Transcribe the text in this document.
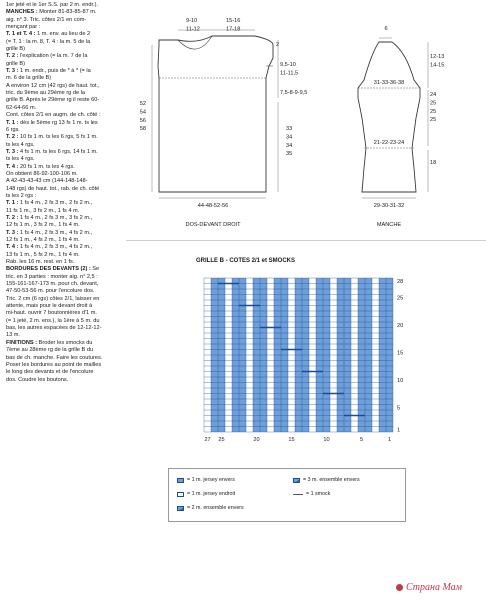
1er jeté et le 1er S.S. par 2 m. endr.).

MANCHES : Monter 81-83-85-87 m.

aig. n° 3. Tric. côtes 2/1 en com-

mençant par :

T. 1 et T. 4 : 1 m. env. au lieu de 2

(= T. 1 : la m. 8, T. 4 : la m. 5 de la

grille B)

T. 2 : l'explication (= la m. 7 de la

grille B)

T. 3 : 1 m. endr., puis de * à * (= la

m. 6 de la grille B)

A environ 12 cm (42 rgs) de haut. tot.,

tric. du 9ème au 29ème rg de la

grille B. Après le 29ème rg il reste 60-

62-64-66 m.

Cont. côtes 2/1 en augm. de ch. côté :

T. 1 : dès le 5ème rg 13 fs 1 m. ts les

6 rgs.

T. 2 : 10 fs 1 m. ts les 6 rgs, 5 fs 1 m.

ts les 4 rgs.

T. 3 : 4 fs 1 m. ts les 6 rgs, 14 fs 1 m.

ts les 4 rgs.

T. 4 : 20 fs 1 m. ts les 4 rgs.

On obtient 86-92-100-106 m.

A 42-43-43-43 cm (144-148-148-

148 rgs) de haut. tot., rab. de ch. côté

ts les 2 rgs :

T. 1 : 1 fs 4 m., 2 fs 3 m., 2 fs 2 m.,

11 fs 1 m., 3 fs 2 m., 1 fs 4 m.

T. 2 : 1 fs 4 m., 2 fs 3 m., 3 fs 2 m.,

12 fs 1 m., 3 fs 2 m., 1 fs 4 m.

T. 3 : 1 fs 4 m., 2 fs 3 m., 4 fs 2 m.,

12 fs 1 m., 4 fs 2 m., 1 fs 4 m.

T. 4 : 1 fs 4 m., 2 fs 3 m., 4 fs 2 m.,

13 fs 1 m., 5 fs 2 m., 1 fs 4 m.

Rab. les 16 m. rest. en 1 fs.

BORDURES DES DEVANTS (2) : Se

tric. en 3 parties : monter aig. n° 2,5 :

155-161-167-173 m. pour ch. devant,

47-50-53-56 m. pour l'encolure dos.

Tric. 2 cm (6 rgs) côtes 2/1, laisser en

attente, mais pour le devant droit à

mi-haut. ouvrir 7 boutonnières d'1 m.

(= 1 jeté, 2 m. ens.), la 1ère à 5 m. du

bas, les autres espacées de 12-12-12-

13 m.

FINITIONS : Broder les smocks du

7ème au 28ème rg de la grille B du

bas de ch. manche. Faire les coutures.

Poser les bordures au point de mailles

le long des devants et de l'encolure

dos. Coudre les boutons.

9-10 11-12
15-16 17-18
2
9,5-10 11-11,5
7,5-8-9-9,5
52 54 56 58	33 34 34 35
44-48-52-56
DOS-DEVANT DROIT
6
31-33-36-38
12-13 14-15
24 25 25 25
21-22-23-24
18
29-30-31-32
MANCHE
GRILLE B - COTES 2/1 et SMOCKS
28
25
20
15
10
5
1
27 25	20	15	10	5	1
= 1 m. jersey envers
= 1 m. jersey endroit
= 2 m. ensemble envers
= 3 m. ensemble envers
= 1 smock
Страна Мам
